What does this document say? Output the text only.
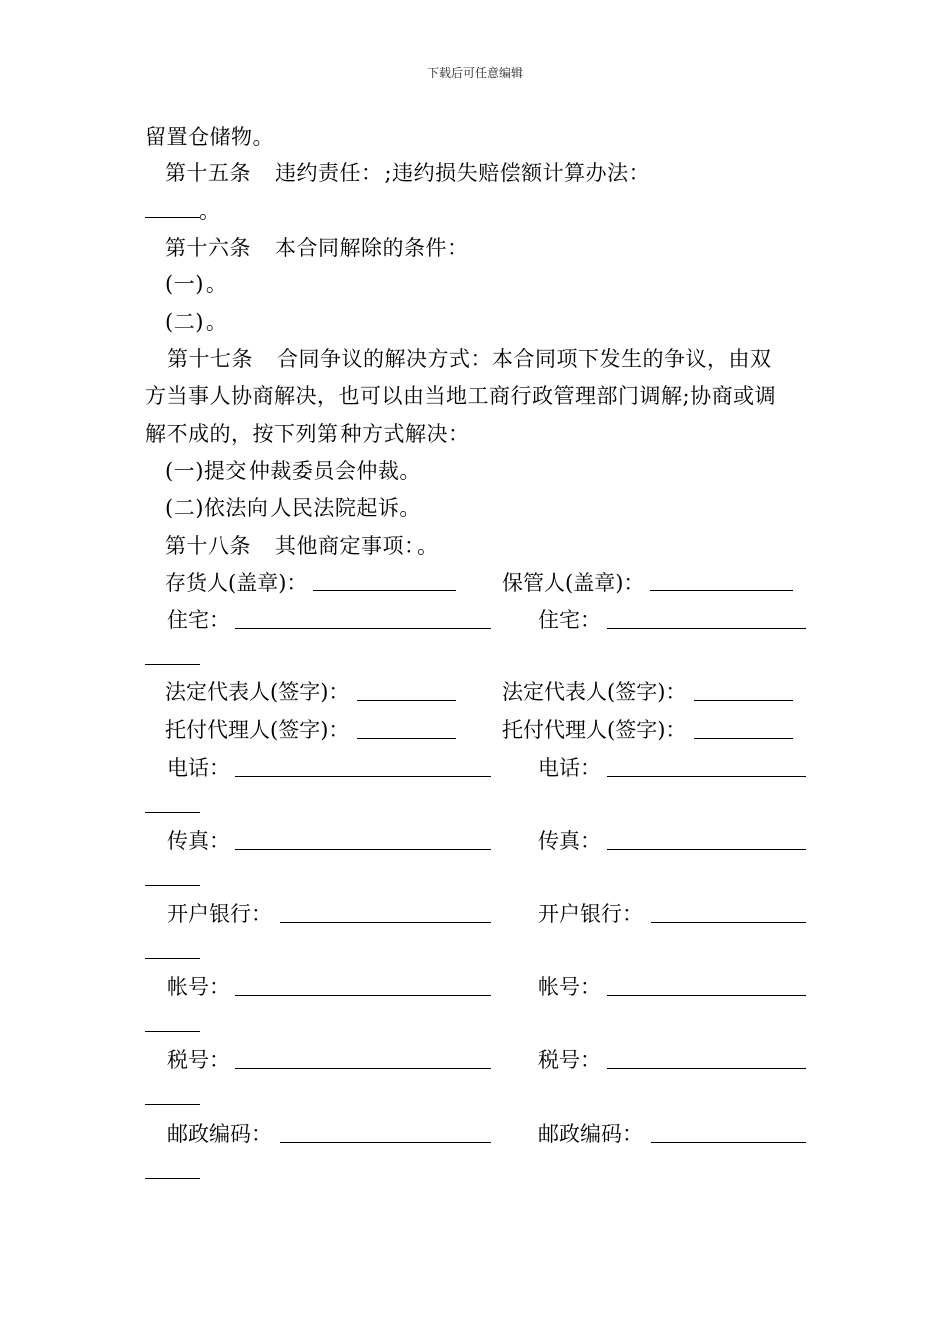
下载后可任意编辑
留置仓储物。
第十五条 违约责任：;违约损失赔偿额计算办法：
。
第十六条 本合同解除的条件：
(一)。
(二)。
第十七条 合同争议的解决方式：本合同项下发生的争议，由双
方当事人协商解决，也可以由当地工商行政管理部门调解;协商或调
解不成的，按下列第种方式解决：
(一)提交仲裁委员会仲裁。
(二)依法向人民法院起诉。
第十八条 其他商定事项：。
存货人(盖章)：	保管人(盖章)：
住宅：	住宅：
法定代表人(签字)：	法定代表人(签字)：
托付代理人(签字)：	托付代理人(签字)：
电话：	电话：
传真：	传真：
开户银行：	开户银行：
帐号：	帐号：
税号：	税号：
邮政编码：	邮政编码：
